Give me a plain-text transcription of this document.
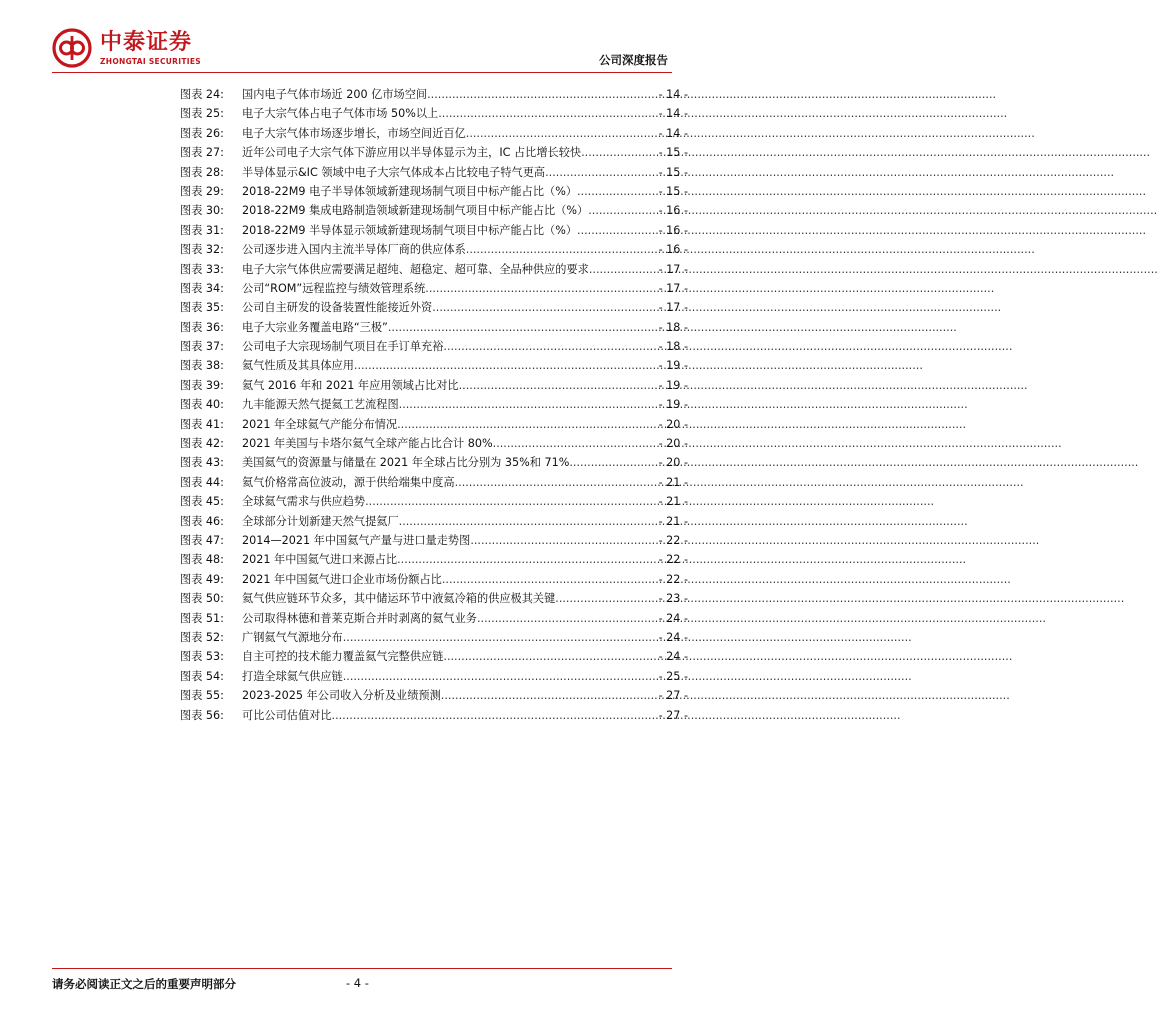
中泰证券
ZHONGTAI SECURITIES	公司深度报告
图表 24:	国内电子气体市场近 200 亿市场空间 .....	- 14 -
图表 25:	电子大宗气体占电子气体市场 50%以上 .....	- 14 -
图表 26:	电子大宗气体市场逐步增长，市场空间近百亿 .....	- 14 -
图表 27:	近年公司电子大宗气体下游应用以半导体显示为主，IC 占比增长较快 .....	- 15 -
图表 28:	半导体显示&IC 领域中电子大宗气体成本占比较电子特气更高 .....	- 15 -
图表 29:	2018-22M9 电子半导体领域新建现场制气项目中标产能占比（%） .....	- 15 -
图表 30:	2018-22M9 集成电路制造领域新建现场制气项目中标产能占比（%） .....	- 16 -
图表 31:	2018-22M9 半导体显示领域新建现场制气项目中标产能占比（%） .....	- 16 -
图表 32:	公司逐步进入国内主流半导体厂商的供应体系 .....	- 16 -
图表 33:	电子大宗气体供应需要满足超纯、超稳定、超可靠、全品种供应的要求 .....	- 17 -
图表 34:	公司“ROM”远程监控与绩效管理系统 .....	- 17 -
图表 35:	公司自主研发的设备装置性能接近外资 .....	- 17 -
图表 36:	电子大宗业务覆盖电路“三极” .....	- 18 -
图表 37:	公司电子大宗现场制气项目在手订单充裕 .....	- 18 -
图表 38:	氦气性质及其具体应用 .....	- 19 -
图表 39:	氦气 2016 年和 2021 年应用领域占比对比 .....	- 19 -
图表 40:	九丰能源天然气提氦工艺流程图 .....	- 19 -
图表 41:	2021 年全球氦气产能分布情况 .....	- 20 -
图表 42:	2021 年美国与卡塔尔氦气全球产能占比合计 80% .....	- 20 -
图表 43:	美国氦气的资源量与储量在 2021 年全球占比分别为 35%和 71% .....	- 20 -
图表 44:	氦气价格常高位波动，源于供给端集中度高 .....	- 21 -
图表 45:	全球氦气需求与供应趋势 .....	- 21 -
图表 46:	全球部分计划新建天然气提氦厂 .....	- 21 -
图表 47:	2014—2021 年中国氦气产量与进口量走势图 .....	- 22 -
图表 48:	2021 年中国氦气进口来源占比 .....	- 22 -
图表 49:	2021 年中国氦气进口企业市场份额占比 .....	- 22 -
图表 50:	氦气供应链环节众多，其中储运环节中液氦冷箱的供应极其关键 .....	- 23 -
图表 51:	公司取得林德和普莱克斯合并时剥离的氦气业务 .....	- 24 -
图表 52:	广钢氦气气源地分布 .....	- 24 -
图表 53:	自主可控的技术能力覆盖氦气完整供应链 .....	- 24 -
图表 54:	打造全球氦气供应链 .....	- 25 -
图表 55:	2023-2025 年公司收入分析及业绩预测 .....	- 27 -
图表 56:	可比公司估值对比 .....	- 27 -
请务必阅读正文之后的重要声明部分	- 4 -
